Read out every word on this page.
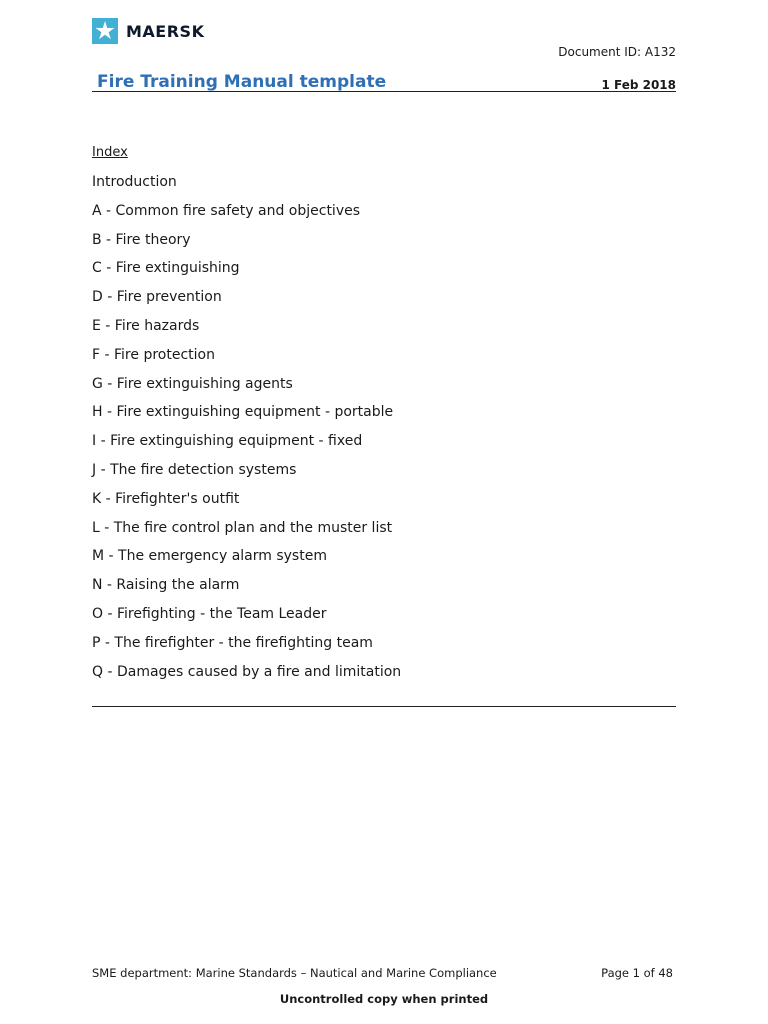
MAERSK
Document ID: A132
Fire Training Manual template	1 Feb 2018
Index
Introduction
A - Common fire safety and objectives
B - Fire theory
C - Fire extinguishing
D - Fire prevention
E - Fire hazards
F - Fire protection
G - Fire extinguishing agents
H - Fire extinguishing equipment - portable
I - Fire extinguishing equipment - fixed
J - The fire detection systems
K - Firefighter's outfit
L - The fire control plan and the muster list
M - The emergency alarm system
N - Raising the alarm
O - Firefighting - the Team Leader
P - The firefighter - the firefighting team
Q - Damages caused by a fire and limitation
SME department: Marine Standards – Nautical and Marine Compliance	Page 1 of 48
Uncontrolled copy when printed
